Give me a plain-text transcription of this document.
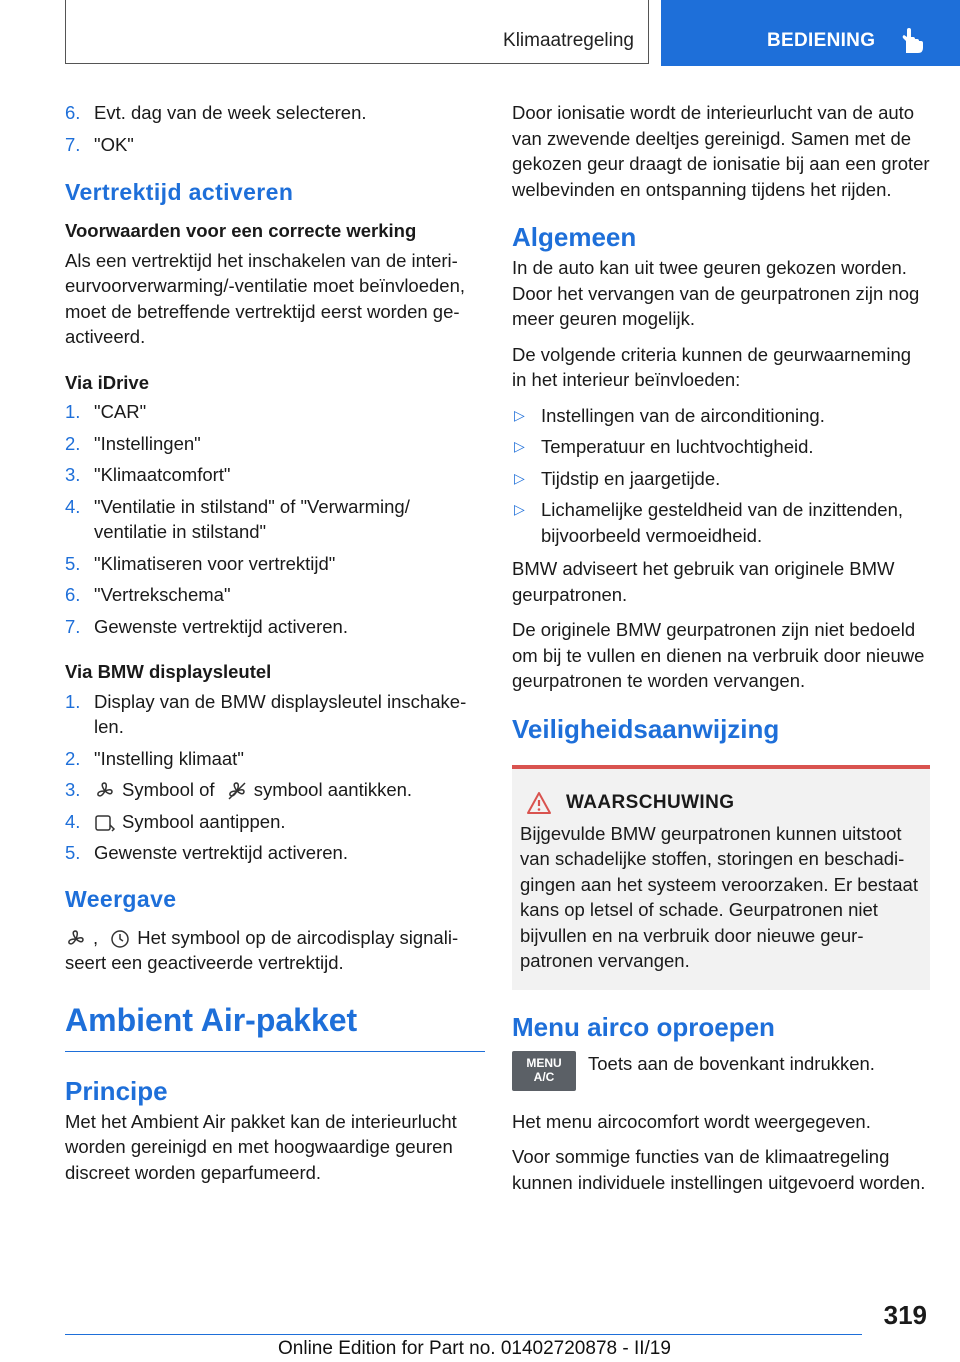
Klimaatregeling	BEDIENING
6. Evt. dag van de week selecteren.
7. "OK"
Vertrektijd activeren
Voorwaarden voor een correcte werking

Als een vertrektijd het inschakelen van de interieurvoorverwarming/-ventilatie moet beïnvloeden, moet de betreffende vertrektijd eerst worden geactiveerd.

Via iDrive
1. "CAR"
2. "Instellingen"
3. "Klimaatcomfort"
4. "Ventilatie in stilstand" of "Verwarming/ ventilatie in stilstand"
5. "Klimatiseren voor vertrektijd"
6. "Vertrekschema"
7. Gewenste vertrektijd activeren.
Via BMW displaysleutel
1. Display van de BMW displaysleutel inschakelen.
2. "Instelling klimaat"
3. Symbool of symbool aantikken.
4. Symbool aantippen.
5. Gewenste vertrektijd activeren.
Weergave

, Het symbool op de aircodisplay signaliseert een geactiveerde vertrektijd.

Ambient Air-pakket
Principe

Met het Ambient Air pakket kan de interieurlucht worden gereinigd en met hoogwaardige geuren discreet worden geparfumeerd.

Door ionisatie wordt de interieurlucht van de auto van zwevende deeltjes gereinigd. Samen met de gekozen geur draagt de ionisatie bij aan een groter welbevinden en ontspanning tijdens het rijden.

Algemeen

In de auto kan uit twee geuren gekozen worden. Door het vervangen van de geurpatronen zijn nog meer geuren mogelijk.

De volgende criteria kunnen de geurwaarneming in het interieur beïnvloeden:

▷ Instellingen van de airconditioning.
▷ Temperatuur en luchtvochtigheid.
▷ Tijdstip en jaargetijde.
▷ Lichamelijke gesteldheid van de inzittenden, bijvoorbeeld vermoeidheid.

BMW adviseert het gebruik van originele BMW geurpatronen.

De originele BMW geurpatronen zijn niet bedoeld om bij te vullen en dienen na verbruik door nieuwe geurpatronen te worden vervangen.

Veiligheidsaanwijzing
WAARSCHUWING

Bijgevulde BMW geurpatronen kunnen uitstoot van schadelijke stoffen, storingen en beschadigingen aan het systeem veroorzaken. Er bestaat kans op letsel of schade. Geurpatronen niet bijvullen en na verbruik door nieuwe geurpatronen vervangen.

Menu airco oproepen
MENU
A/C

Toets aan de bovenkant indrukken.

Het menu aircocomfort wordt weergegeven.

Voor sommige functies van de klimaatregeling kunnen individuele instellingen uitgevoerd worden.

319
Online Edition for Part no. 01402720878 - II/19
